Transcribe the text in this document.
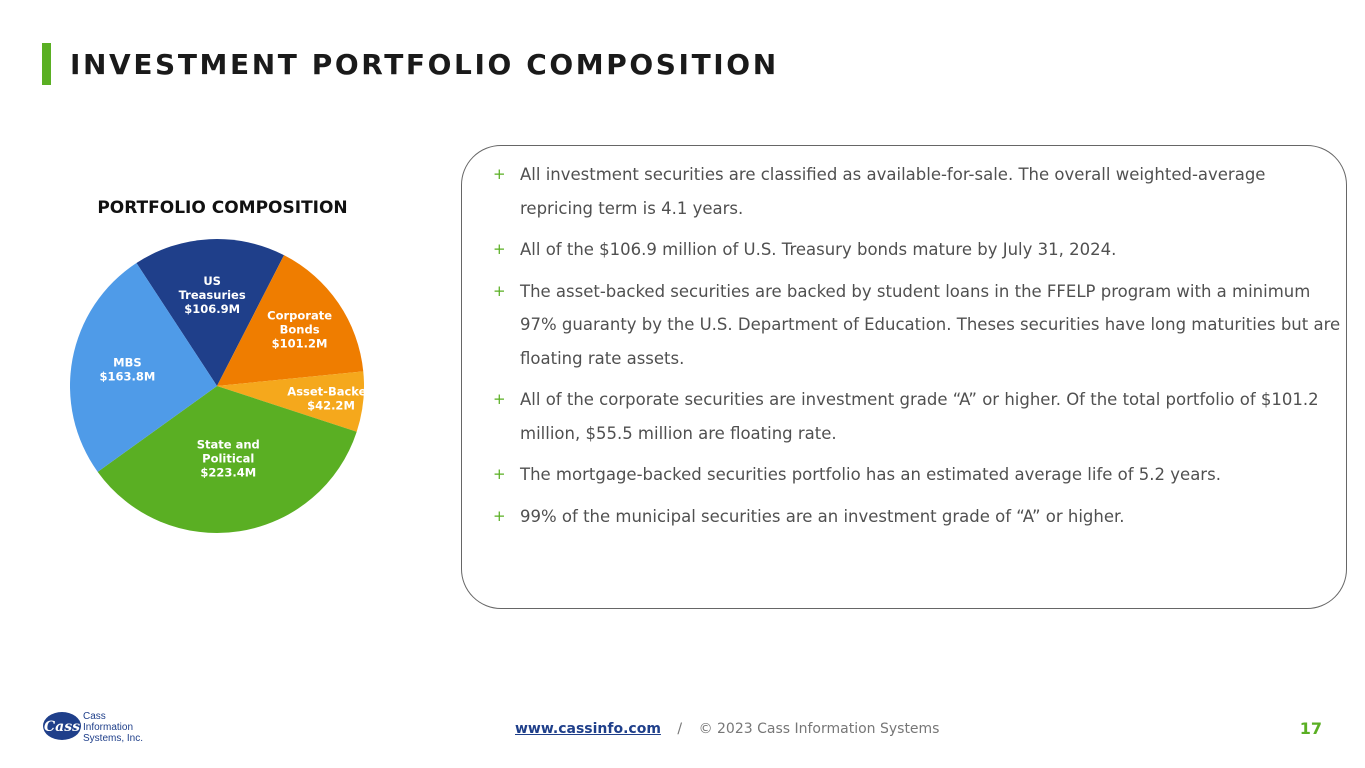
INVESTMENT PORTFOLIO COMPOSITION
PORTFOLIO COMPOSITION
US Treasuries $106.9M	Corporate Bonds $101.2M
Asset-Backed $42.2M
State and Political $223.4M
MBS $163.8M
+ All investment securities are classified as available-for-sale. The overall weighted-average repricing term is 4.1 years.
+ All of the $106.9 million of U.S. Treasury bonds mature by July 31, 2024.
+ The asset-backed securities are backed by student loans in the FFELP program with a minimum 97% guaranty by the U.S. Department of Education. Theses securities have long maturities but are floating rate assets.
+ All of the corporate securities are investment grade “A” or higher. Of the total portfolio of $101.2 million, $55.5 million are floating rate.
+ The mortgage-backed securities portfolio has an estimated average life of 5.2 years.
+ 99% of the municipal securities are an investment grade of “A” or higher.
Cass
Cass
Information
Systems, Inc.
www.cassinfo.com / © 2023 Cass Information Systems	17
